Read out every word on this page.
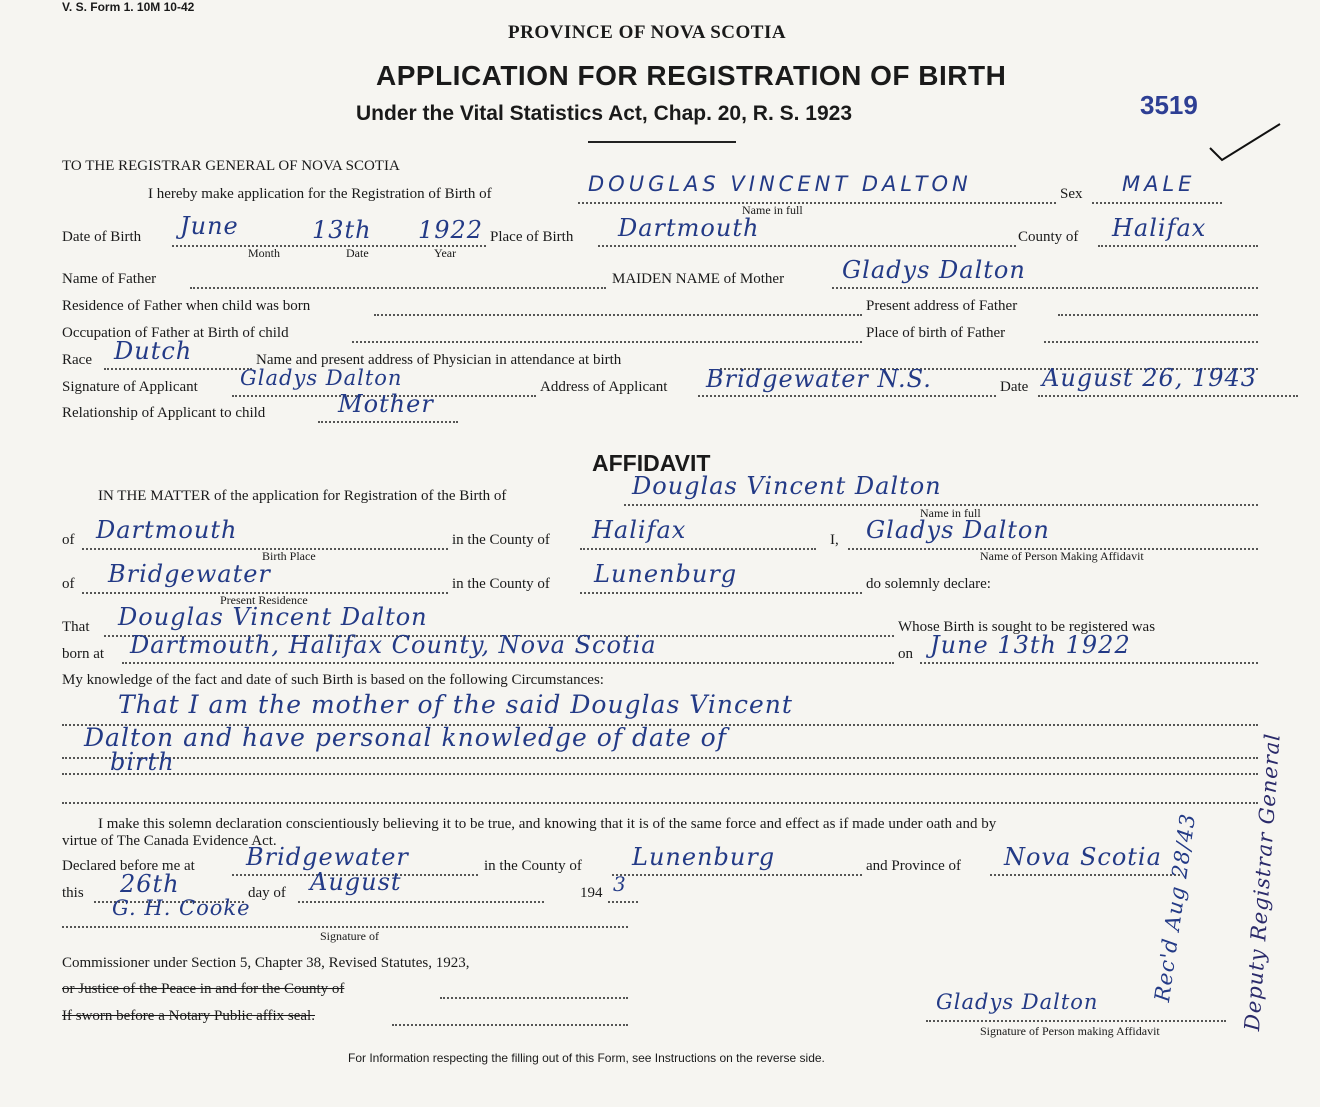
V. S. Form 1. 10M 10-42
PROVINCE OF NOVA SCOTIA
APPLICATION FOR REGISTRATION OF BIRTH
Under the Vital Statistics Act, Chap. 20, R. S. 1923	3519
TO THE REGISTRAR GENERAL OF NOVA SCOTIA
I hereby make application for the Registration of Birth of	DOUGLAS VINCENT DALTON
Name in full
Sex MALE
Date of Birth June	13th 1922
Month	Date	Year
Place of Birth Dartmouth	County of Halifax
Name of Father	MAIDEN NAME of Mother Gladys Dalton
Residence of Father when child was born	Present address of Father
Occupation of Father at Birth of child	Place of birth of Father
Race Dutch	Name and present address of Physician in attendance at birth
Signature of Applicant Gladys Dalton	Address of Applicant Bridgewater N.S.	Date August 26, 1943
Relationship of Applicant to child	Mother
AFFIDAVIT
IN THE MATTER of the application for Registration of the Birth of	Douglas Vincent Dalton
Name in full
of Dartmouth
Birth Place
in the County of Halifax	I, Gladys Dalton
Name of Person Making Affidavit
of Bridgewater
Present Residence
in the County of Lunenburg	do solemnly declare:
That Douglas Vincent Dalton	Whose Birth is sought to be registered was
born at Dartmouth, Halifax County, Nova Scotia	on June 13th 1922
My knowledge of the fact and date of such Birth is based on the following Circumstances:
That I am the mother of the said Douglas Vincent
Dalton and have personal knowledge of date of
birth
I make this solemn declaration conscientiously believing it to be true, and knowing that it is of the same force and effect as if made under oath and by
virtue of The Canada Evidence Act.
Declared before me at Bridgewater	in the County of Lunenburg	and Province of Nova Scotia
this 26th	day of August	194 3
G. H. Cooke
Signature of
Commissioner under Section 5, Chapter 38, Revised Statutes, 1923,
or Justice of the Peace in and for the County of
If sworn before a Notary Public affix seal.
Gladys Dalton
Signature of Person making Affidavit
Rec'd Aug 28/43 Deputy Registrar General
For Information respecting the filling out of this Form, see Instructions on the reverse side.
